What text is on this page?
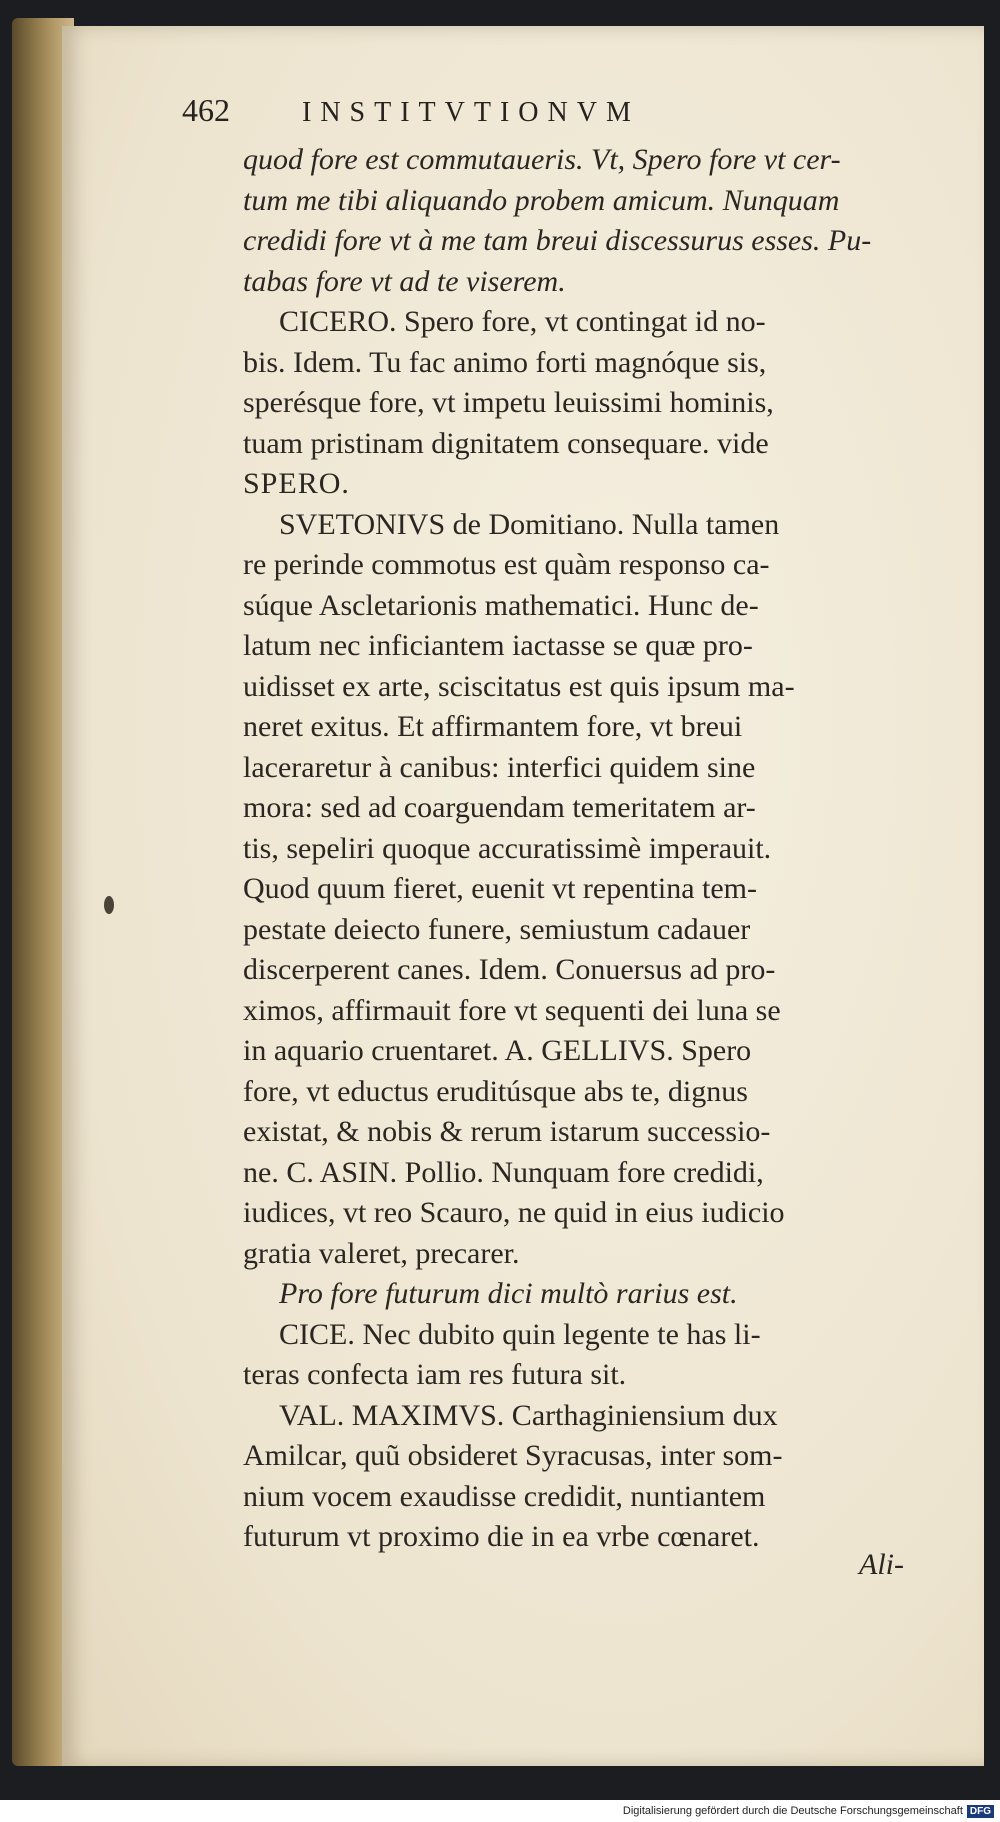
462	INSTITVTIONVM
quod fore est commutaueris. Vt, Spero fore vt cer-
tum me tibi aliquando probem amicum. Nunquam
credidi fore vt à me tam breui discessurus esses. Pu-
tabas fore vt ad te viserem.
CICERO. Spero fore, vt contingat id no-
bis. Idem. Tu fac animo forti magnóque sis,
sperésque fore, vt impetu leuissimi hominis,
tuam pristinam dignitatem consequare. vide
SPERO.
SVETONIVS de Domitiano. Nulla tamen
re perinde commotus est quàm responso ca-
súque Ascletarionis mathematici. Hunc de-
latum nec inficiantem iactasse se quæ pro-
uidisset ex arte, sciscitatus est quis ipsum ma-
neret exitus. Et affirmantem fore, vt breui
laceraretur à canibus: interfici quidem sine
mora: sed ad coarguendam temeritatem ar-
tis, sepeliri quoque accuratissimè imperauit.
Quod quum fieret, euenit vt repentina tem-
pestate deiecto funere, semiustum cadauer
discerperent canes. Idem. Conuersus ad pro-
ximos, affirmauit fore vt sequenti dei luna se
in aquario cruentaret. A. GELLIVS. Spero
fore, vt eductus eruditúsque abs te, dignus
existat, & nobis & rerum istarum successio-
ne. C. ASIN. Pollio. Nunquam fore credidi,
iudices, vt reo Scauro, ne quid in eius iudicio
gratia valeret, precarer.
Pro fore futurum dici multò rarius est.
CICE. Nec dubito quin legente te has li-
teras confecta iam res futura sit.
VAL. MAXIMVS. Carthaginiensium dux
Amilcar, quũ obsideret Syracusas, inter som-
nium vocem exaudisse credidit, nuntiantem
futurum vt proximo die in ea vrbe cœnaret.
Ali-
Digitalisierung gefördert durch die Deutsche Forschungsgemeinschaft DFG
